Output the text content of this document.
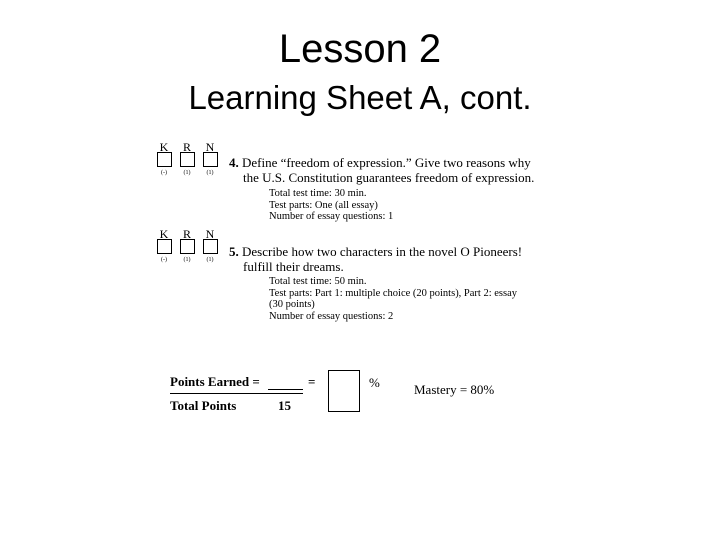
Lesson 2
Learning Sheet A, cont.
K	R	N
(-)	(1)	(1)
4. Define “freedom of expression.” Give two reasons why
the U.S. Constitution guarantees freedom of expression.
Total test time: 30 min.
Test parts: One (all essay)
Number of essay questions: 1
K	R	N
(-)	(1)	(1)
5. Describe how two characters in the novel O Pioneers!
fulfill their dreams.
Total test time: 50 min.
Test parts: Part 1: multiple choice (20 points), Part 2: essay
(30 points)
Number of essay questions: 2
Points Earned =	=
Total Points	15
%	Mastery = 80%
